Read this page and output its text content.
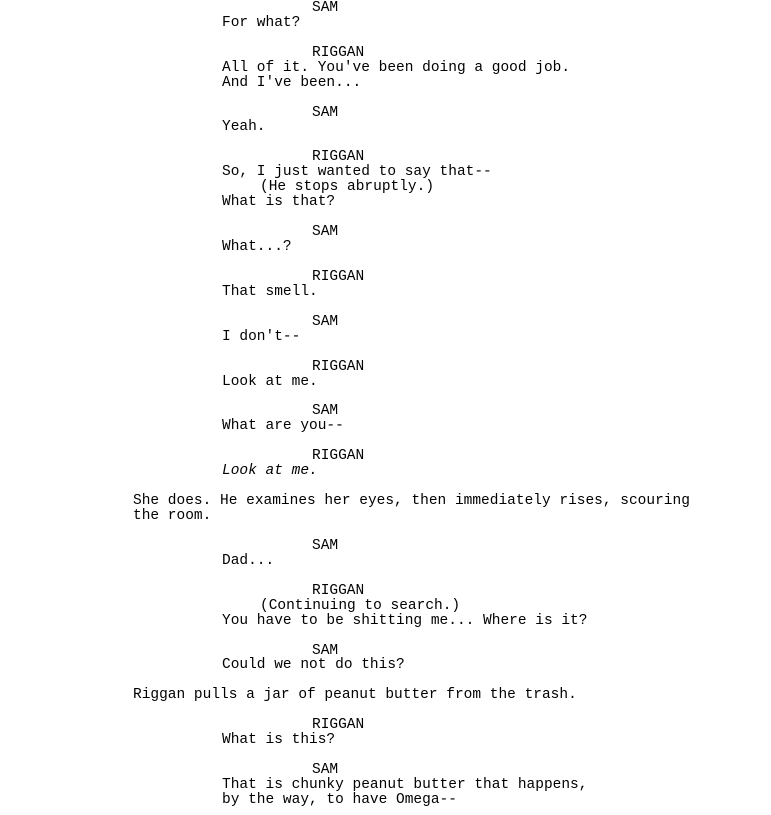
SAM

For what?

RIGGAN

All of it. You've been doing a good job.

And I've been...

SAM

Yeah.

RIGGAN

So, I just wanted to say that--

(He stops abruptly.)

What is that?

SAM

What...?

RIGGAN

That smell.

SAM

I don't--

RIGGAN

Look at me.

SAM

What are you--

RIGGAN

Look at me.

She does. He examines her eyes, then immediately rises, scouring

the room.

SAM

Dad...

RIGGAN

(Continuing to search.)

You have to be shitting me... Where is it?

SAM

Could we not do this?

Riggan pulls a jar of peanut butter from the trash.

RIGGAN

What is this?

SAM

That is chunky peanut butter that happens,

by the way, to have Omega--
